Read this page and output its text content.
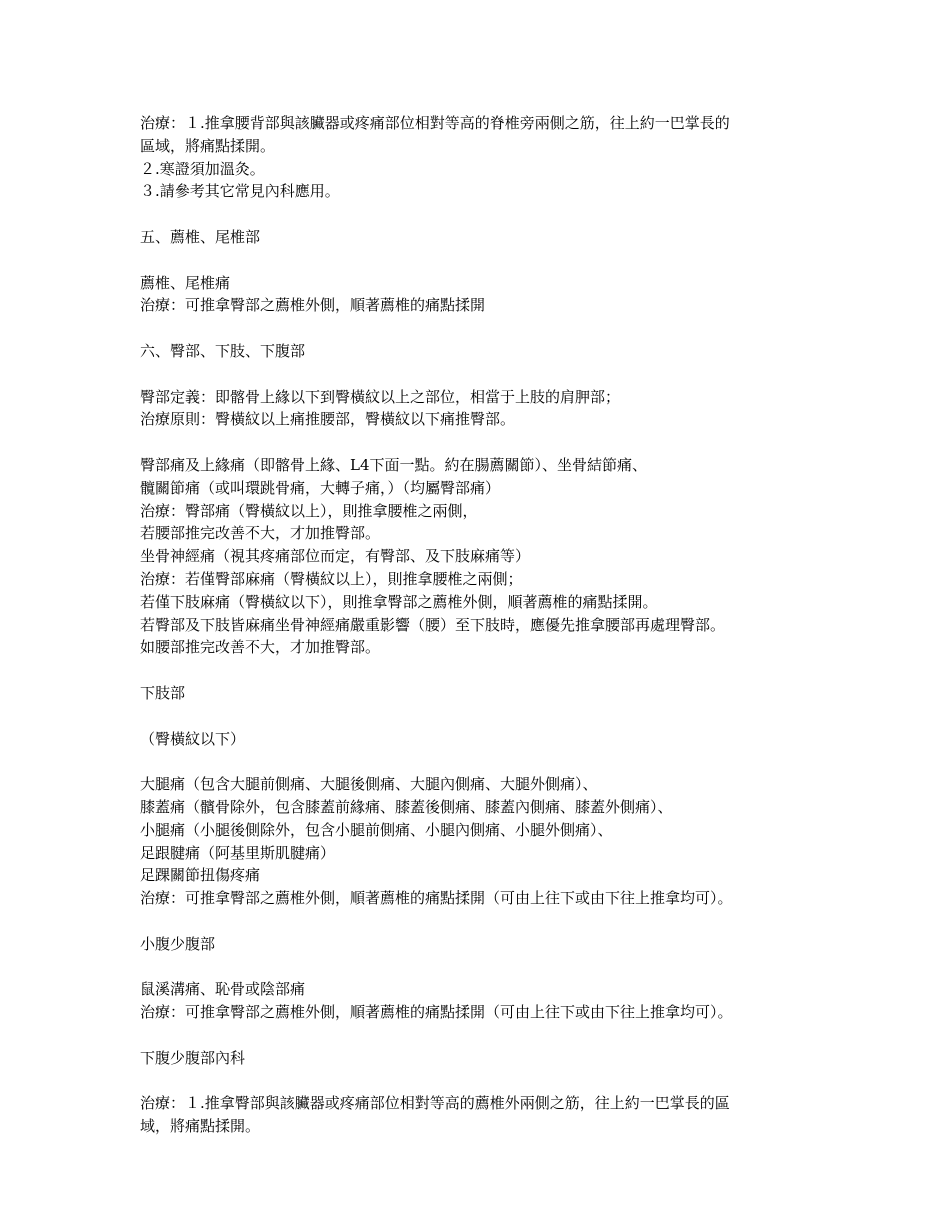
治療：１.推拿腰背部與該臟器或疼痛部位相對等高的脊椎旁兩側之筋，往上約一巴掌長的
區域，將痛點揉開。
２.寒證須加溫灸。
３.請參考其它常見內科應用。
五、薦椎、尾椎部
薦椎、尾椎痛
治療：可推拿臀部之薦椎外側，順著薦椎的痛點揉開
六、臀部、下肢、下腹部
臀部定義：即髂骨上緣以下到臀橫紋以上之部位，相當于上肢的肩胛部；
治療原則：臀橫紋以上痛推腰部，臀橫紋以下痛推臀部。
臀部痛及上緣痛（即髂骨上緣、L4下面一點。約在腸薦關節）、坐骨結節痛、
髖關節痛（或叫環跳骨痛，大轉子痛，）（均屬臀部痛）
治療：臀部痛（臀橫紋以上），則推拿腰椎之兩側，
若腰部推完改善不大，才加推臀部。
坐骨神經痛（視其疼痛部位而定，有臀部、及下肢麻痛等）
治療：若僅臀部麻痛（臀橫紋以上），則推拿腰椎之兩側；
若僅下肢麻痛（臀橫紋以下），則推拿臀部之薦椎外側，順著薦椎的痛點揉開。
若臀部及下肢皆麻痛坐骨神經痛嚴重影響（腰）至下肢時，應優先推拿腰部再處理臀部。
如腰部推完改善不大，才加推臀部。
下肢部
（臀橫紋以下）
大腿痛（包含大腿前側痛、大腿後側痛、大腿內側痛、大腿外側痛）、
膝蓋痛（髕骨除外，包含膝蓋前緣痛、膝蓋後側痛、膝蓋內側痛、膝蓋外側痛）、
小腿痛（小腿後側除外，包含小腿前側痛、小腿內側痛、小腿外側痛）、
足跟腱痛（阿基里斯肌腱痛）
足踝關節扭傷疼痛
治療：可推拿臀部之薦椎外側，順著薦椎的痛點揉開（可由上往下或由下往上推拿均可）。
小腹少腹部
鼠溪溝痛、恥骨或陰部痛
治療：可推拿臀部之薦椎外側，順著薦椎的痛點揉開（可由上往下或由下往上推拿均可）。
下腹少腹部內科
治療：１.推拿臀部與該臟器或疼痛部位相對等高的薦椎外兩側之筋，往上約一巴掌長的區
域，將痛點揉開。
